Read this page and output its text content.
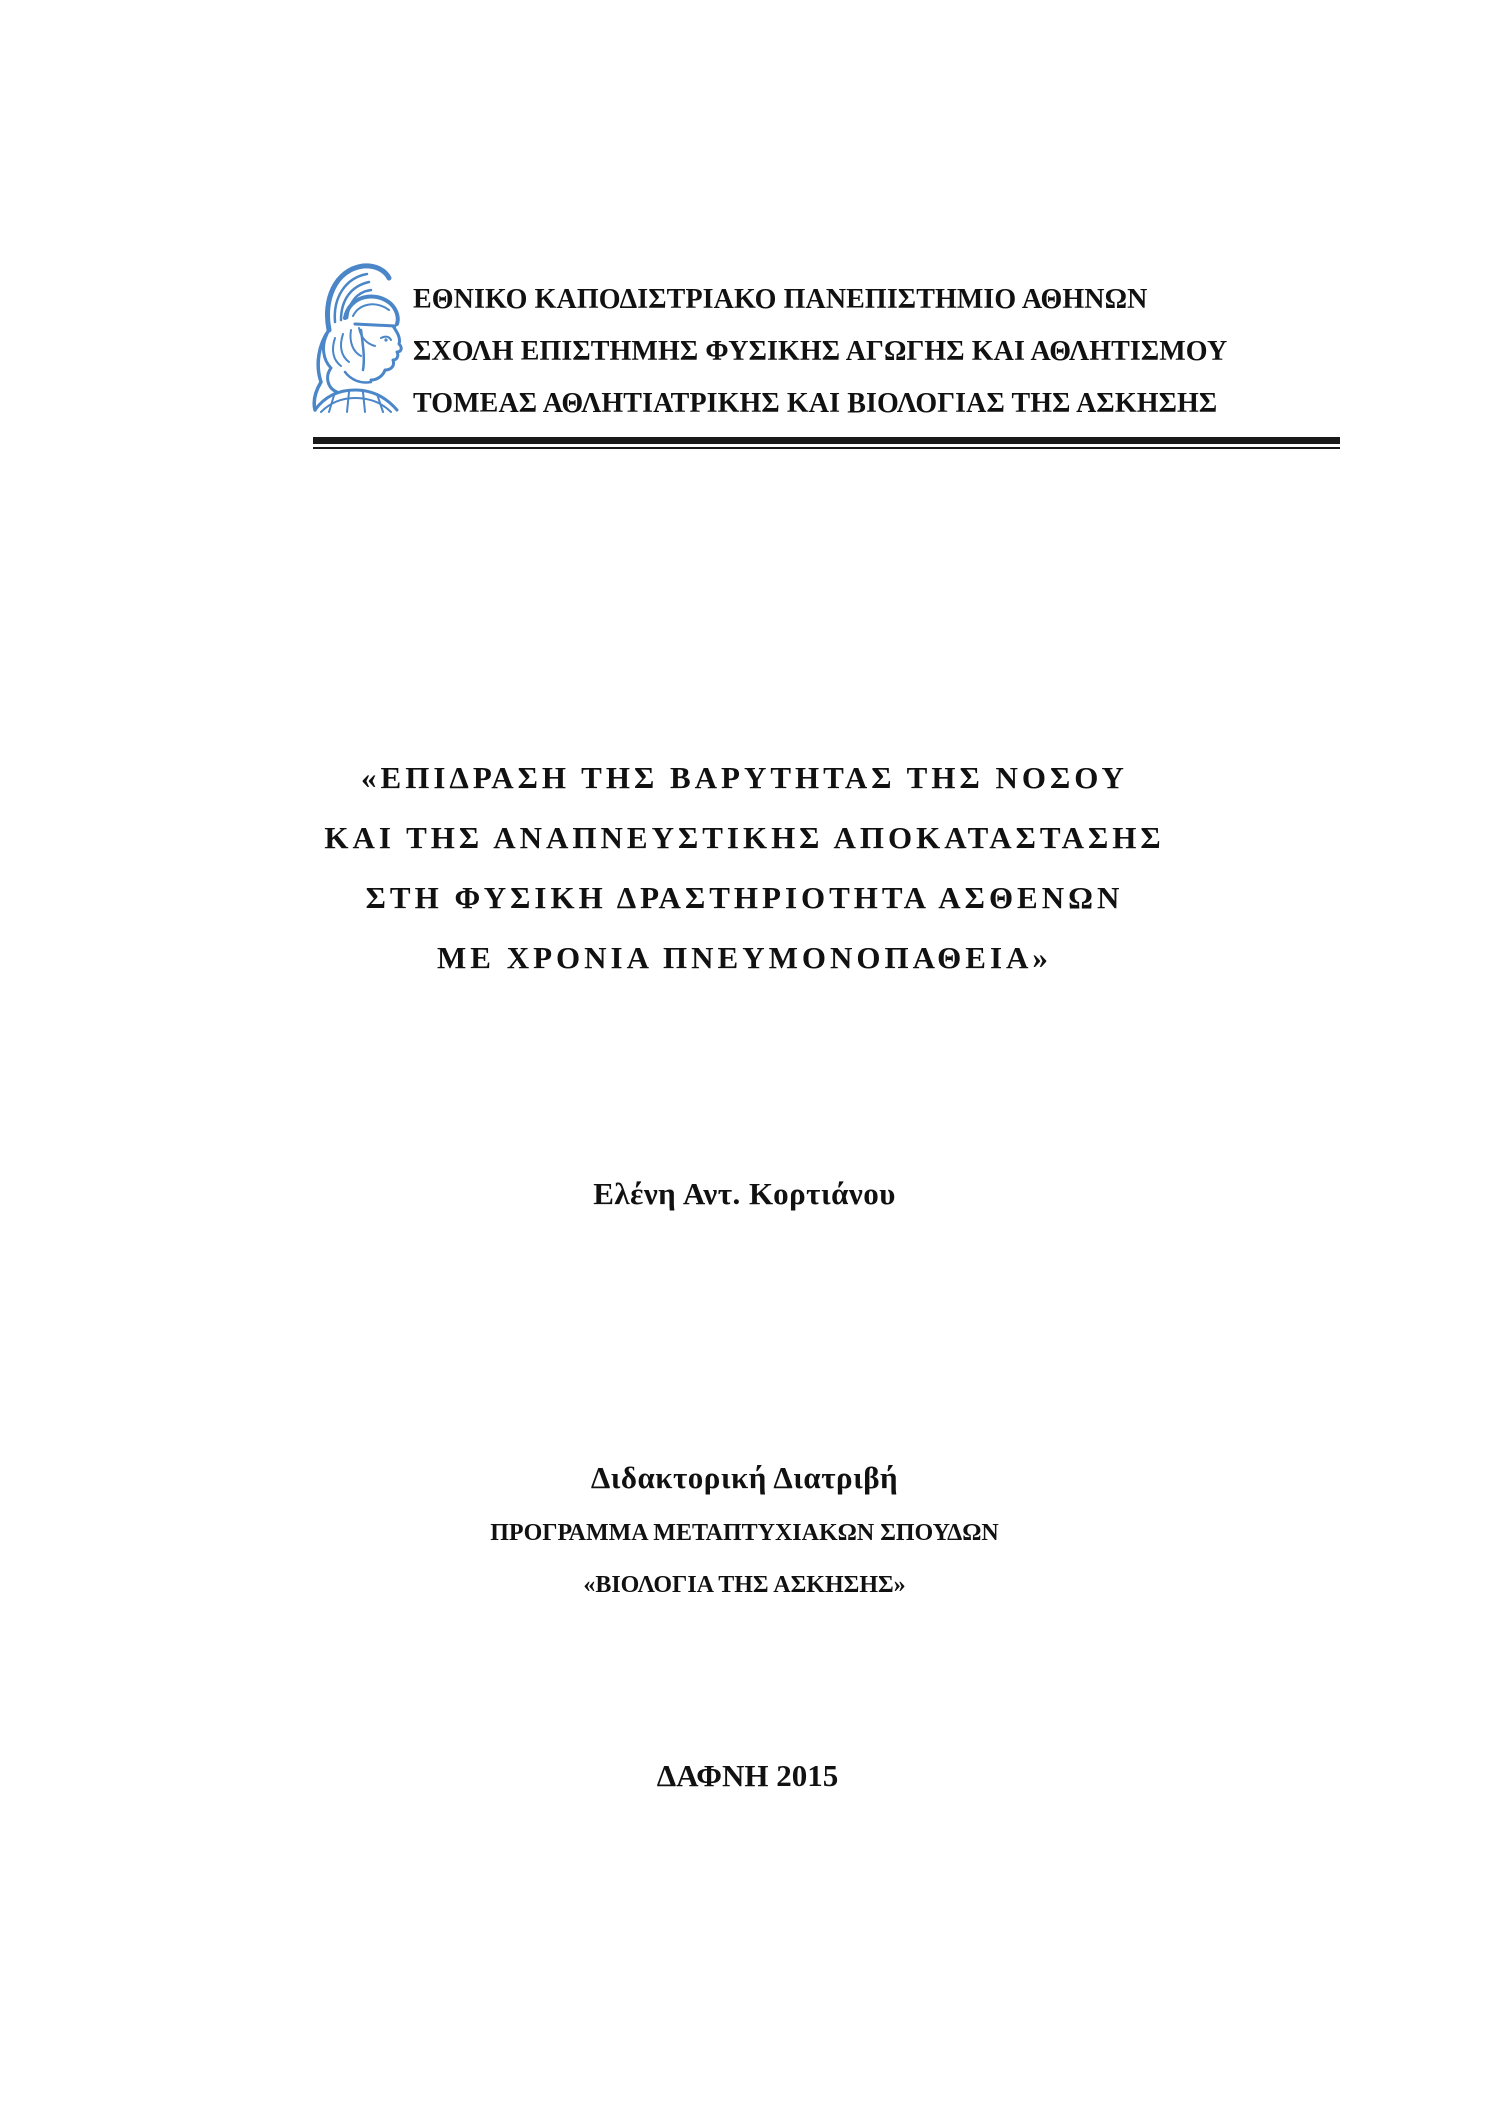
ΕΘΝΙΚΟ ΚΑΠΟΔΙΣΤΡΙΑΚΟ ΠΑΝΕΠΙΣΤΗΜΙΟ ΑΘΗΝΩΝ
ΣΧΟΛΗ ΕΠΙΣΤΗΜΗΣ ΦΥΣΙΚΗΣ ΑΓΩΓΗΣ ΚΑΙ ΑΘΛΗΤΙΣΜΟΥ
ΤΟΜΕΑΣ ΑΘΛΗΤΙΑΤΡΙΚΗΣ ΚΑΙ ΒΙΟΛΟΓΙΑΣ ΤΗΣ ΑΣΚΗΣΗΣ
«ΕΠΙΔΡΑΣΗ ΤΗΣ ΒΑΡΥΤΗΤΑΣ ΤΗΣ ΝΟΣΟΥ
ΚΑΙ ΤΗΣ ΑΝΑΠΝΕΥΣΤΙΚΗΣ ΑΠΟΚΑΤΑΣΤΑΣΗΣ
ΣΤΗ ΦΥΣΙΚΗ ΔΡΑΣΤΗΡΙΟΤΗΤΑ ΑΣΘΕΝΩΝ
ΜΕ ΧΡΟΝΙΑ ΠΝΕΥΜΟΝΟΠΑΘΕΙΑ»
Ελένη Αντ. Κορτιάνου
Διδακτορική Διατριβή
ΠΡΟΓΡΑΜΜΑ ΜΕΤΑΠΤΥΧΙΑΚΩΝ ΣΠΟΥΔΩΝ
«ΒΙΟΛΟΓΙΑ ΤΗΣ ΑΣΚΗΣΗΣ»
ΔΑΦΝΗ 2015
